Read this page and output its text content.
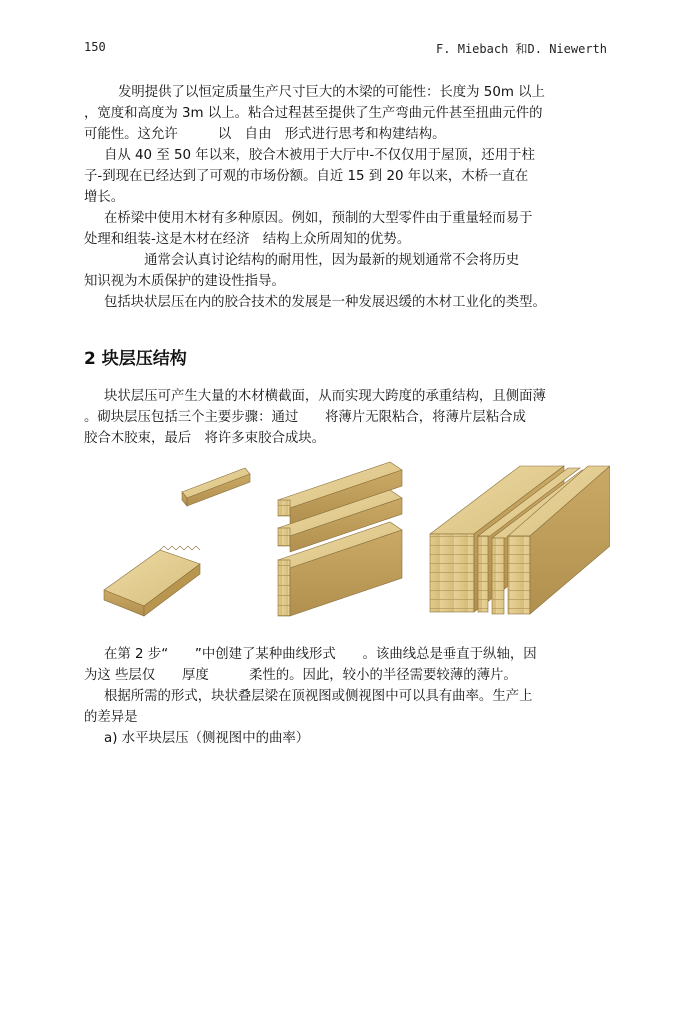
150	F. Miebach 和D. Niewerth

发明提供了以恒定质量生产尺寸巨大的木梁的可能性：长度为 50m 以上
，宽度和高度为 3m 以上。粘合过程甚至提供了生产弯曲元件甚至扭曲元件的
可能性。这允许　　　以　自由　形式进行思考和构建结构。

自从 40 至 50 年以来，胶合木被用于大厅中-不仅仅用于屋顶，还用于柱
子-到现在已经达到了可观的市场份额。自近 15 到 20 年以来，木桥一直在
增长。

在桥梁中使用木材有多种原因。例如，预制的大型零件由于重量轻而易于
处理和组装-这是木材在经济　结构上众所周知的优势。

　　　通常会认真讨论结构的耐用性，因为最新的规划通常不会将历史
知识视为木质保护的建设性指导。

包括块状层压在内的胶合技术的发展是一种发展迟缓的木材工业化的类型。

2 块层压结构

块状层压可产生大量的木材横截面，从而实现大跨度的承重结构，且侧面薄
。砌块层压包括三个主要步骤：通过　　将薄片无限粘合，将薄片层粘合成
胶合木胶束，最后　将许多束胶合成块。

在第 2 步“　　”中创建了某种曲线形式　　。该曲线总是垂直于纵轴，因
为这 些层仅　　厚度　　　柔性的。因此，较小的半径需要较薄的薄片。

根据所需的形式，块状叠层梁在顶视图或侧视图中可以具有曲率。生产上
的差异是

a) 水平块层压（侧视图中的曲率）
